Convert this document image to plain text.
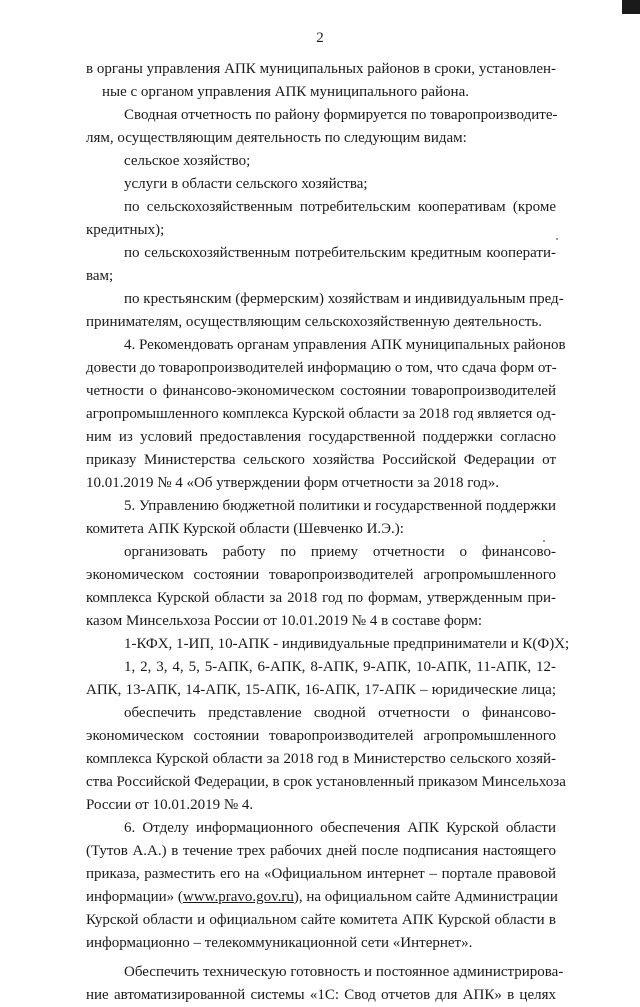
2
в органы управления АПК муниципальных районов в сроки, установлен-
ные с органом управления АПК муниципального района.
Сводная отчетность по району формируется по товаропроизводите-
лям, осуществляющим деятельность по следующим видам:
сельское хозяйство;
услуги в области сельского хозяйства;
по сельскохозяйственным потребительским кооперативам (кроме
кредитных);
по сельскохозяйственным потребительским кредитным кооперати-
вам;
по крестьянским (фермерским) хозяйствам и индивидуальным пред-
принимателям, осуществляющим сельскохозяйственную деятельность.
4. Рекомендовать органам управления АПК муниципальных районов
довести до товаропроизводителей информацию о том, что сдача форм от-
четности о финансово-экономическом состоянии товаропроизводителей
агропромышленного комплекса Курской области за 2018 год является од-
ним из условий предоставления государственной поддержки согласно
приказу Министерства сельского хозяйства Российской Федерации от
10.01.2019 № 4 «Об утверждении форм отчетности за 2018 год».
5. Управлению бюджетной политики и государственной поддержки
комитета АПК Курской области (Шевченко И.Э.):
организовать работу по приему отчетности о финансово-
экономическом состоянии товаропроизводителей агропромышленного
комплекса Курской области за 2018 год по формам, утвержденным при-
казом Минсельхоза России от 10.01.2019 № 4 в составе форм:
1-КФХ, 1-ИП, 10-АПК - индивидуальные предприниматели и К(Ф)Х;
1, 2, 3, 4, 5, 5-АПК, 6-АПК, 8-АПК, 9-АПК, 10-АПК, 11-АПК, 12-
АПК, 13-АПК, 14-АПК, 15-АПК, 16-АПК, 17-АПК – юридические лица;
обеспечить представление сводной отчетности о финансово-
экономическом состоянии товаропроизводителей агропромышленного
комплекса Курской области за 2018 год в Министерство сельского хозяй-
ства Российской Федерации, в срок установленный приказом Минсельхоза
России от 10.01.2019 № 4.
6. Отделу информационного обеспечения АПК Курской области
(Тутов А.А.) в течение трех рабочих дней после подписания настоящего
приказа, разместить его на «Официальном интернет – портале правовой
информации» (www.pravo.gov.ru), на официальном сайте Администрации
Курской области и официальном сайте комитета АПК Курской области в
информационно – телекоммуникационной сети «Интернет».
Обеспечить техническую готовность и постоянное администрирова-
ние автоматизированной системы «1С: Свод отчетов для АПК» в целях
